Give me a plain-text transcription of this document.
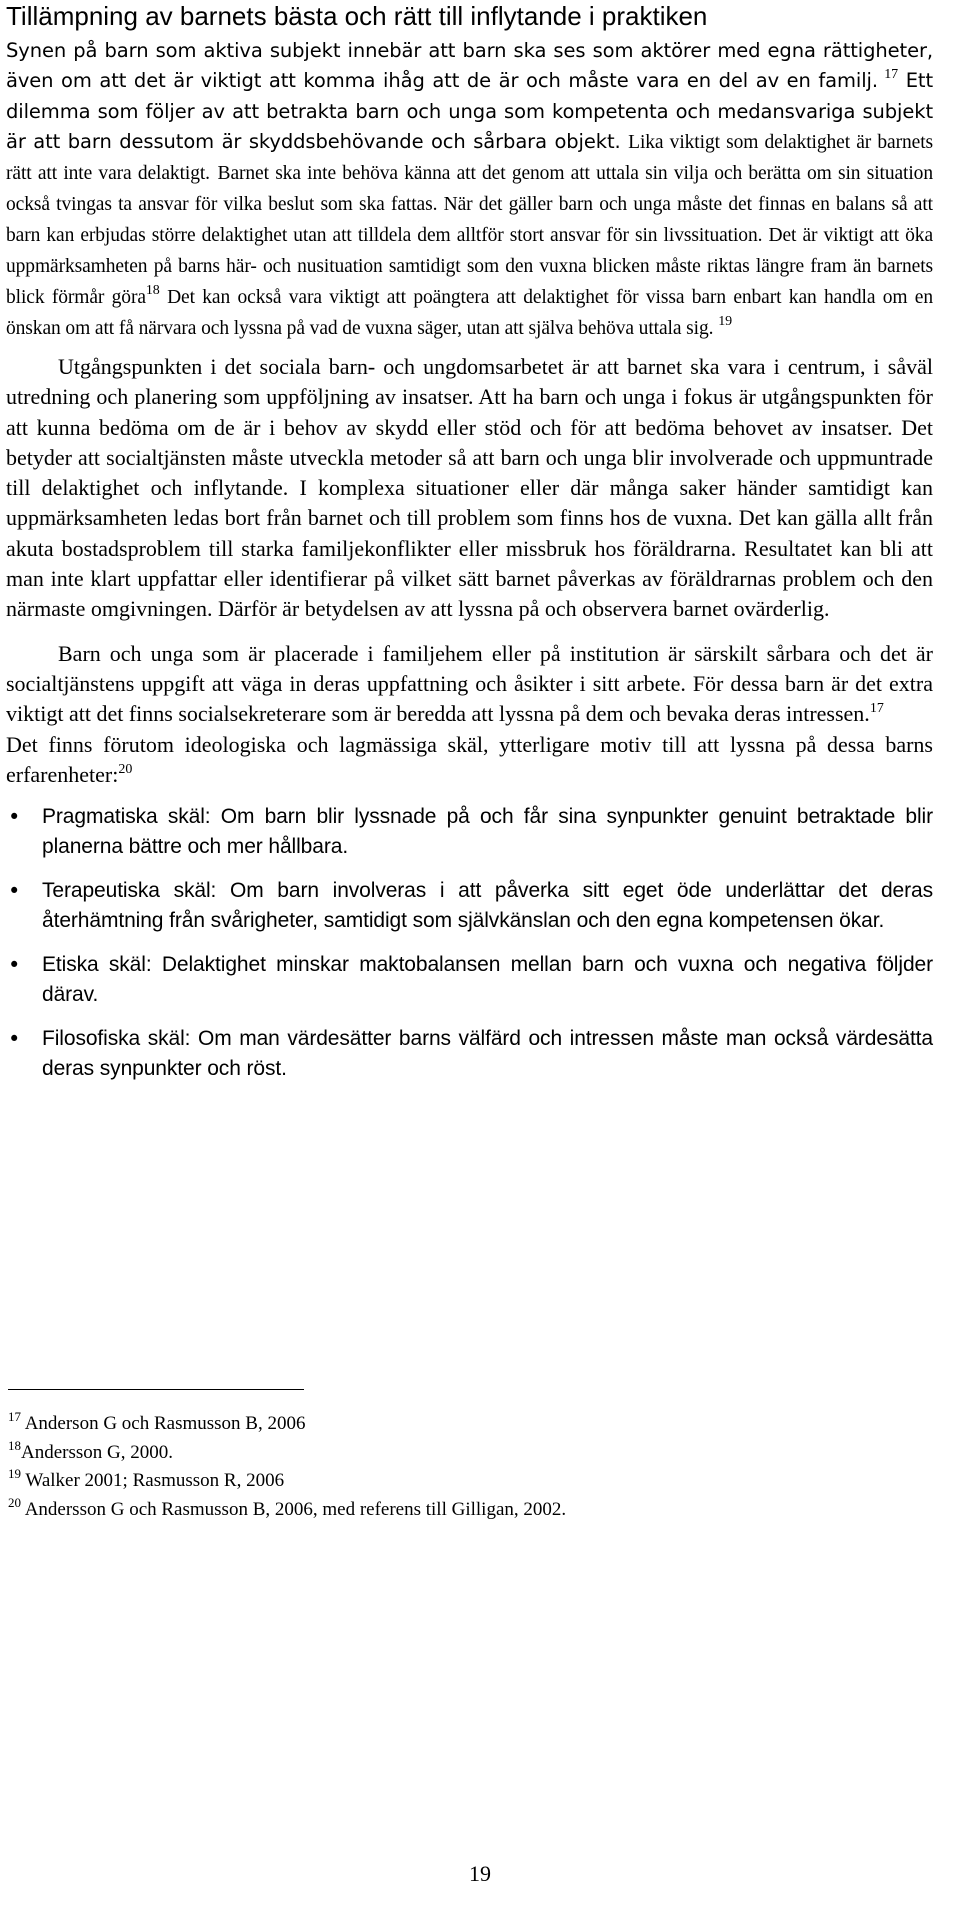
Tillämpning av barnets bästa och rätt till inflytande i praktiken

Synen på barn som aktiva subjekt innebär att barn ska ses som aktörer med egna rättigheter, även om att det är viktigt att komma ihåg att de är och måste vara en del av en familj. $^{17}$ Ett dilemma som följer av att betrakta barn och unga som kompetenta och medansvariga subjekt är att barn dessutom är skyddsbehövande och sårbara objekt. Lika viktigt som delaktighet är barnets rätt att inte vara delaktigt. Barnet ska inte behöva känna att det genom att uttala sin vilja och berätta om sin situation också tvingas ta ansvar för vilka beslut som ska fattas. När det gäller barn och unga måste det finnas en balans så att barn kan erbjudas större delaktighet utan att tilldela dem alltför stort ansvar för sin livssituation. Det är viktigt att öka uppmärksamheten på barns här- och nusituation samtidigt som den vuxna blicken måste riktas längre fram än barnets blick förmår göra$^{18}$ Det kan också vara viktigt att poängtera att delaktighet för vissa barn enbart kan handla om en önskan om att få närvara och lyssna på vad de vuxna säger, utan att själva behöva uttala sig. $^{19}$

Utgångspunkten i det sociala barn- och ungdomsarbetet är att barnet ska vara i centrum, i såväl utredning och planering som uppföljning av insatser. Att ha barn och unga i fokus är utgångspunkten för att kunna bedöma om de är i behov av skydd eller stöd och för att bedöma behovet av insatser. Det betyder att socialtjänsten måste utveckla metoder så att barn och unga blir involverade och uppmuntrade till delaktighet och inflytande. I komplexa situationer eller där många saker händer samtidigt kan uppmärksamheten ledas bort från barnet och till problem som finns hos de vuxna. Det kan gälla allt från akuta bostadsproblem till starka familjekonflikter eller missbruk hos föräldrarna. Resultatet kan bli att man inte klart uppfattar eller identifierar på vilket sätt barnet påverkas av föräldrarnas problem och den närmaste omgivningen. Därför är betydelsen av att lyssna på och observera barnet ovärderlig.

Barn och unga som är placerade i familjehem eller på institution är särskilt sårbara och det är socialtjänstens uppgift att väga in deras uppfattning och åsikter i sitt arbete. För dessa barn är det extra viktigt att det finns socialsekreterare som är beredda att lyssna på dem och bevaka deras intressen.$^{17}$

Det finns förutom ideologiska och lagmässiga skäl, ytterligare motiv till att lyssna på dessa barns erfarenheter:$^{20}$

• Pragmatiska skäl: Om barn blir lyssnade på och får sina synpunkter genuint betraktade blir planerna bättre och mer hållbara.
• Terapeutiska skäl: Om barn involveras i att påverka sitt eget öde underlättar det deras återhämtning från svårigheter, samtidigt som självkänslan och den egna kompetensen ökar.
• Etiska skäl: Delaktighet minskar maktobalansen mellan barn och vuxna och negativa följder därav.
• Filosofiska skäl: Om man värdesätter barns välfärd och intressen måste man också värdesätta deras synpunkter och röst.

$^{17}$ Anderson G och Rasmusson B, 2006

$^{18}$Andersson G, 2000.

$^{19}$ Walker 2001; Rasmusson R, 2006

$^{20}$ Andersson G och Rasmusson B, 2006, med referens till Gilligan, 2002.

19
